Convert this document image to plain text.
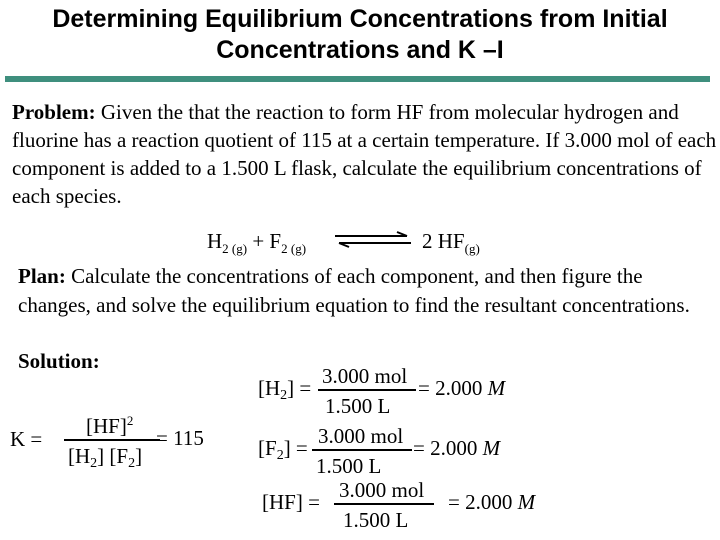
Determining Equilibrium Concentrations from Initial
Concentrations and K –I
Problem: Given the that the reaction to form HF from molecular hydrogen and fluorine has a reaction quotient of 115 at a certain temperature. If 3.000 mol of each component is added to a 1.500 L flask, calculate the equilibrium concentrations of each species.
$H_{2 (g)} + F_{2 (g)}$	2 $HF_{(g)}$
Plan: Calculate the concentrations of each component, and then figure the changes, and solve the equilibrium equation to find the resultant concentrations.
Solution:
K =
[HF]$^2$
[H2] [F2]
= 115
[H2] = 3.000 mol
1.500 L
= 2.000 M
[F2] = 3.000 mol
1.500 L
= 2.000 M
[HF] = 3.000 mol
1.500 L
= 2.000 M
